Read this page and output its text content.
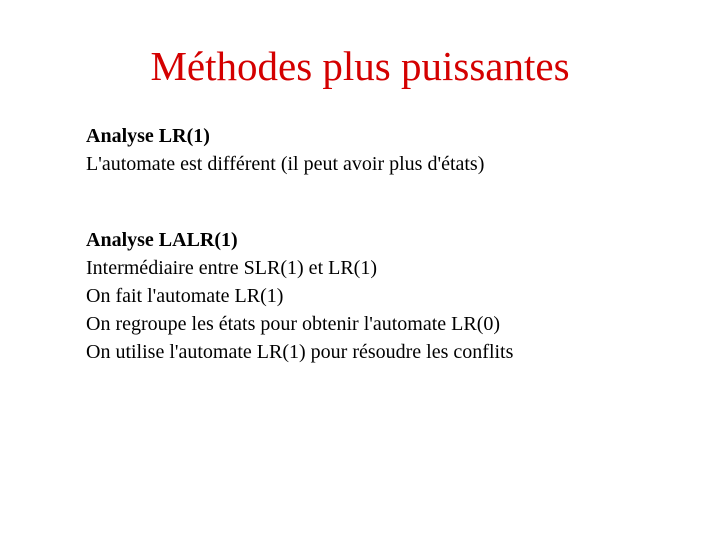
Méthodes plus puissantes
Analyse LR(1)
L'automate est différent (il peut avoir plus d'états)
Analyse LALR(1)
Intermédiaire entre SLR(1) et LR(1)
On fait l'automate LR(1)
On regroupe les états pour obtenir l'automate LR(0)
On utilise l'automate LR(1) pour résoudre les conflits
